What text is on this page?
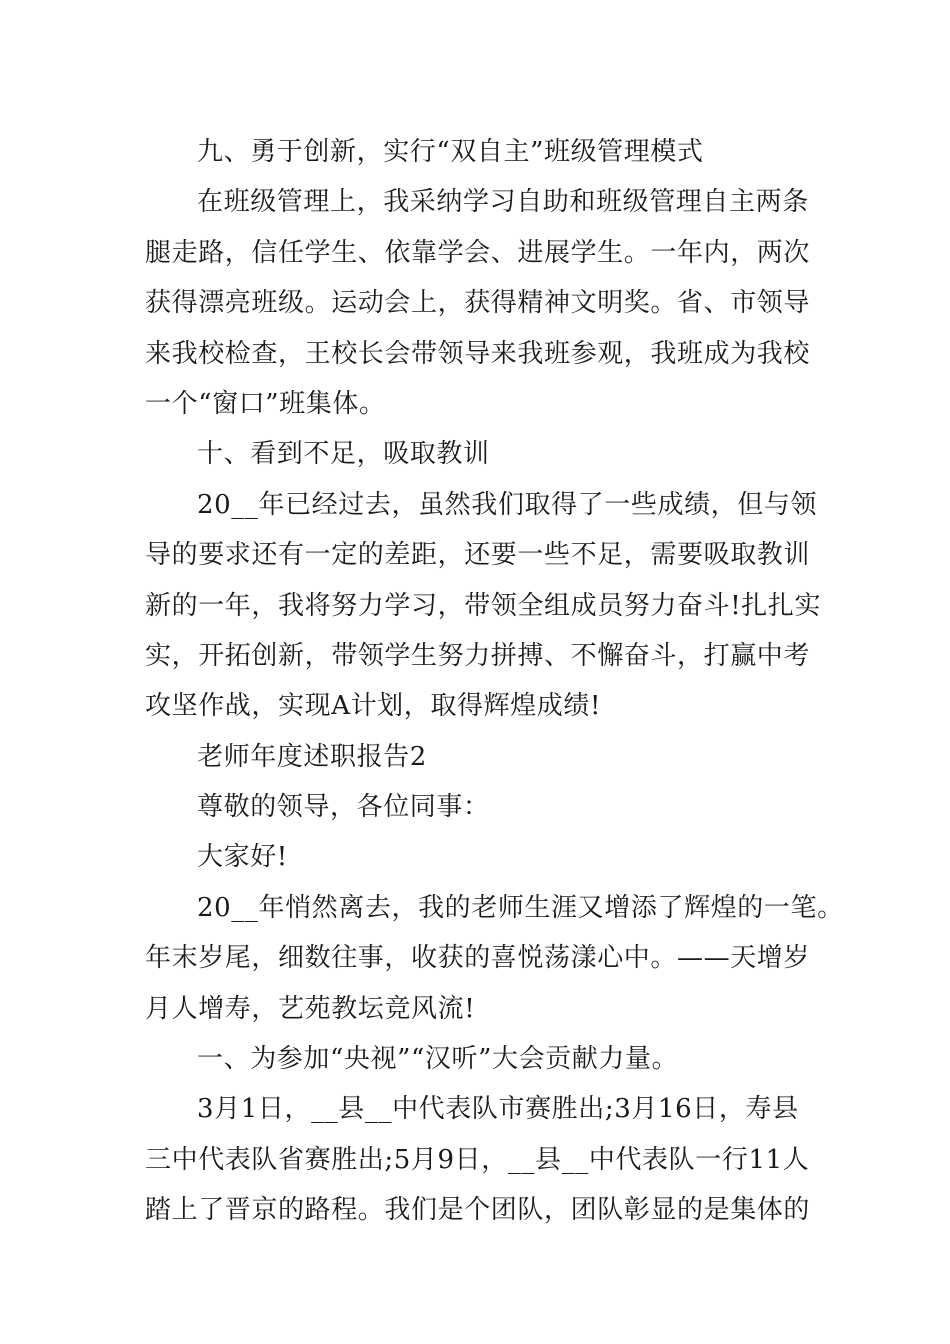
九、勇于创新，实行“双自主”班级管理模式
在班级管理上，我采纳学习自助和班级管理自主两条
腿走路，信任学生、依靠学会、进展学生。一年内，两次
获得漂亮班级。运动会上，获得精神文明奖。省、市领导
来我校检查，王校长会带领导来我班参观，我班成为我校
一个“窗口”班集体。
十、看到不足，吸取教训
20__年已经过去，虽然我们取得了一些成绩，但与领
导的要求还有一定的差距，还要一些不足，需要吸取教训
新的一年，我将努力学习，带领全组成员努力奋斗!扎扎实
实，开拓创新，带领学生努力拼搏、不懈奋斗，打赢中考
攻坚作战，实现A计划，取得辉煌成绩!
老师年度述职报告2
尊敬的领导，各位同事：
大家好!
20__年悄然离去，我的老师生涯又增添了辉煌的一笔。
年末岁尾，细数往事，收获的喜悦荡漾心中。——天增岁
月人增寿，艺苑教坛竞风流!
一、为参加“央视”“汉听”大会贡献力量。
3月1日，__县__中代表队市赛胜出;3月16日，寿县
三中代表队省赛胜出;5月9日，__县__中代表队一行11人
踏上了晋京的路程。我们是个团队，团队彰显的是集体的
